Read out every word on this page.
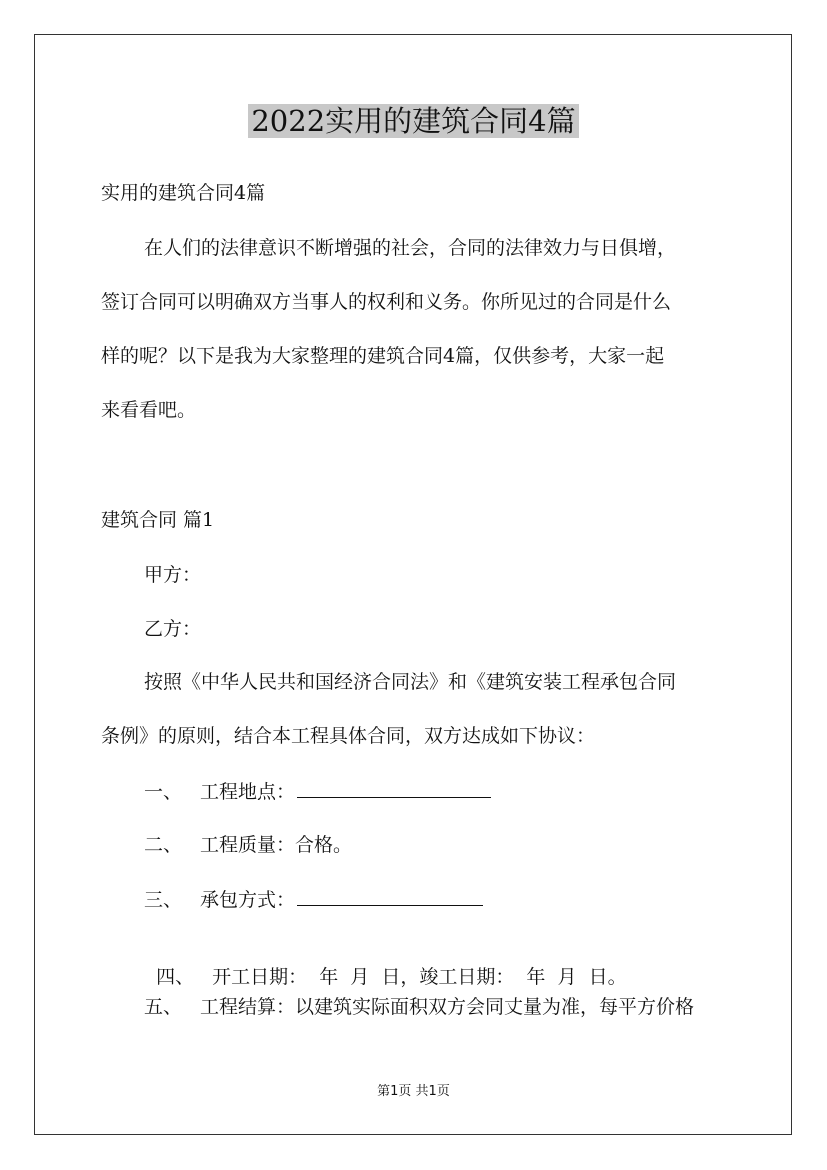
2022实用的建筑合同4篇
实用的建筑合同4篇
在人们的法律意识不断增强的社会，合同的法律效力与日俱增，
签订合同可以明确双方当事人的权利和义务。你所见过的合同是什么
样的呢？以下是我为大家整理的建筑合同4篇，仅供参考，大家一起
来看看吧。
建筑合同 篇1
甲方：
乙方：
按照《中华人民共和国经济合同法》和《建筑安装工程承包合同
条例》的原则，结合本工程具体合同，双方达成如下协议：
一、 工程地点：
二、 工程质量：合格。
三、 承包方式：

四、 开工日期：  年  月  日，竣工日期：  年  月  日。

五、 工程结算：以建筑实际面积双方会同丈量为准，每平方价格
第1页 共1页
